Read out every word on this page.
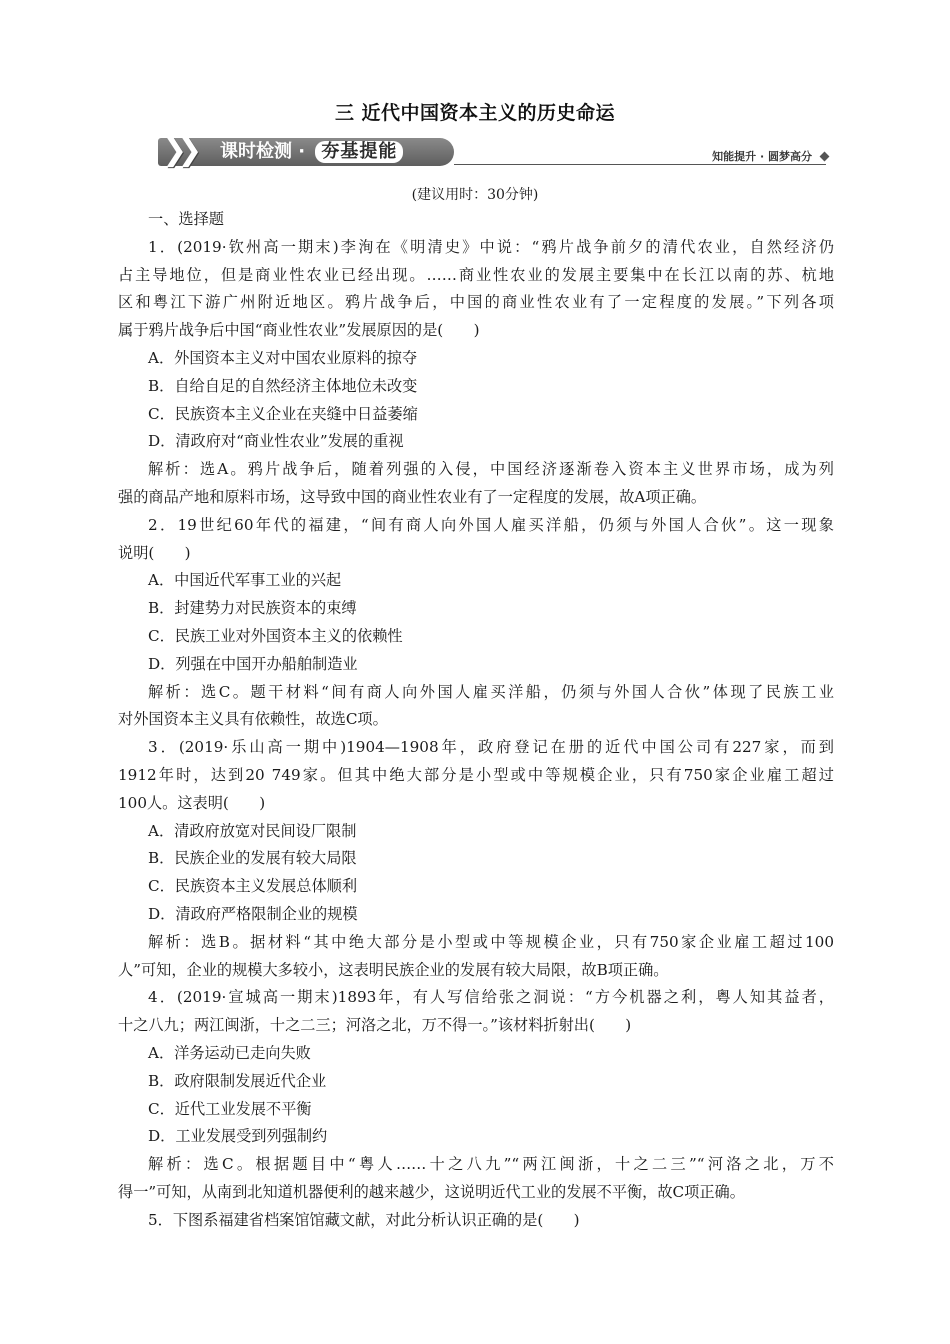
三 近代中国资本主义的历史命运
❯❯	课时检测 · 夯基提能	知能提升 · 圆梦高分
(建议用时：30分钟)
一、选择题
1．(2019·钦州高一期末)李洵在《明清史》中说：“鸦片战争前夕的清代农业，自然经济仍
占主导地位，但是商业性农业已经出现。……商业性农业的发展主要集中在长江以南的苏、杭地
区和粤江下游广州附近地区。鸦片战争后，中国的商业性农业有了一定程度的发展。”下列各项
属于鸦片战争后中国“商业性农业”发展原因的是(　　)
A．外国资本主义对中国农业原料的掠夺
B．自给自足的自然经济主体地位未改变
C．民族资本主义企业在夹缝中日益萎缩
D．清政府对“商业性农业”发展的重视
解析：选A。鸦片战争后，随着列强的入侵，中国经济逐渐卷入资本主义世界市场，成为列
强的商品产地和原料市场，这导致中国的商业性农业有了一定程度的发展，故A项正确。
2．19世纪60年代的福建，“间有商人向外国人雇买洋船，仍须与外国人合伙”。这一现象
说明(　　)
A．中国近代军事工业的兴起
B．封建势力对民族资本的束缚
C．民族工业对外国资本主义的依赖性
D．列强在中国开办船舶制造业
解析：选C。题干材料“间有商人向外国人雇买洋船，仍须与外国人合伙”体现了民族工业
对外国资本主义具有依赖性，故选C项。
3．(2019·乐山高一期中)1904—1908年，政府登记在册的近代中国公司有227家，而到
1912年时，达到20 749家。但其中绝大部分是小型或中等规模企业，只有750家企业雇工超过
100人。这表明(　　)
A．清政府放宽对民间设厂限制
B．民族企业的发展有较大局限
C．民族资本主义发展总体顺利
D．清政府严格限制企业的规模
解析：选B。据材料“其中绝大部分是小型或中等规模企业，只有750家企业雇工超过100
人”可知，企业的规模大多较小，这表明民族企业的发展有较大局限，故B项正确。
4．(2019·宣城高一期末)1893年，有人写信给张之洞说：“方今机器之利，粤人知其益者，
十之八九；两江闽浙，十之二三；河洛之北，万不得一。”该材料折射出(　　)
A．洋务运动已走向失败
B．政府限制发展近代企业
C．近代工业发展不平衡
D．工业发展受到列强制约
解析：选C。根据题目中“粤人……十之八九”“两江闽浙，十之二三”“河洛之北，万不
得一”可知，从南到北知道机器便利的越来越少，这说明近代工业的发展不平衡，故C项正确。
5．下图系福建省档案馆馆藏文献，对此分析认识正确的是(　　)
